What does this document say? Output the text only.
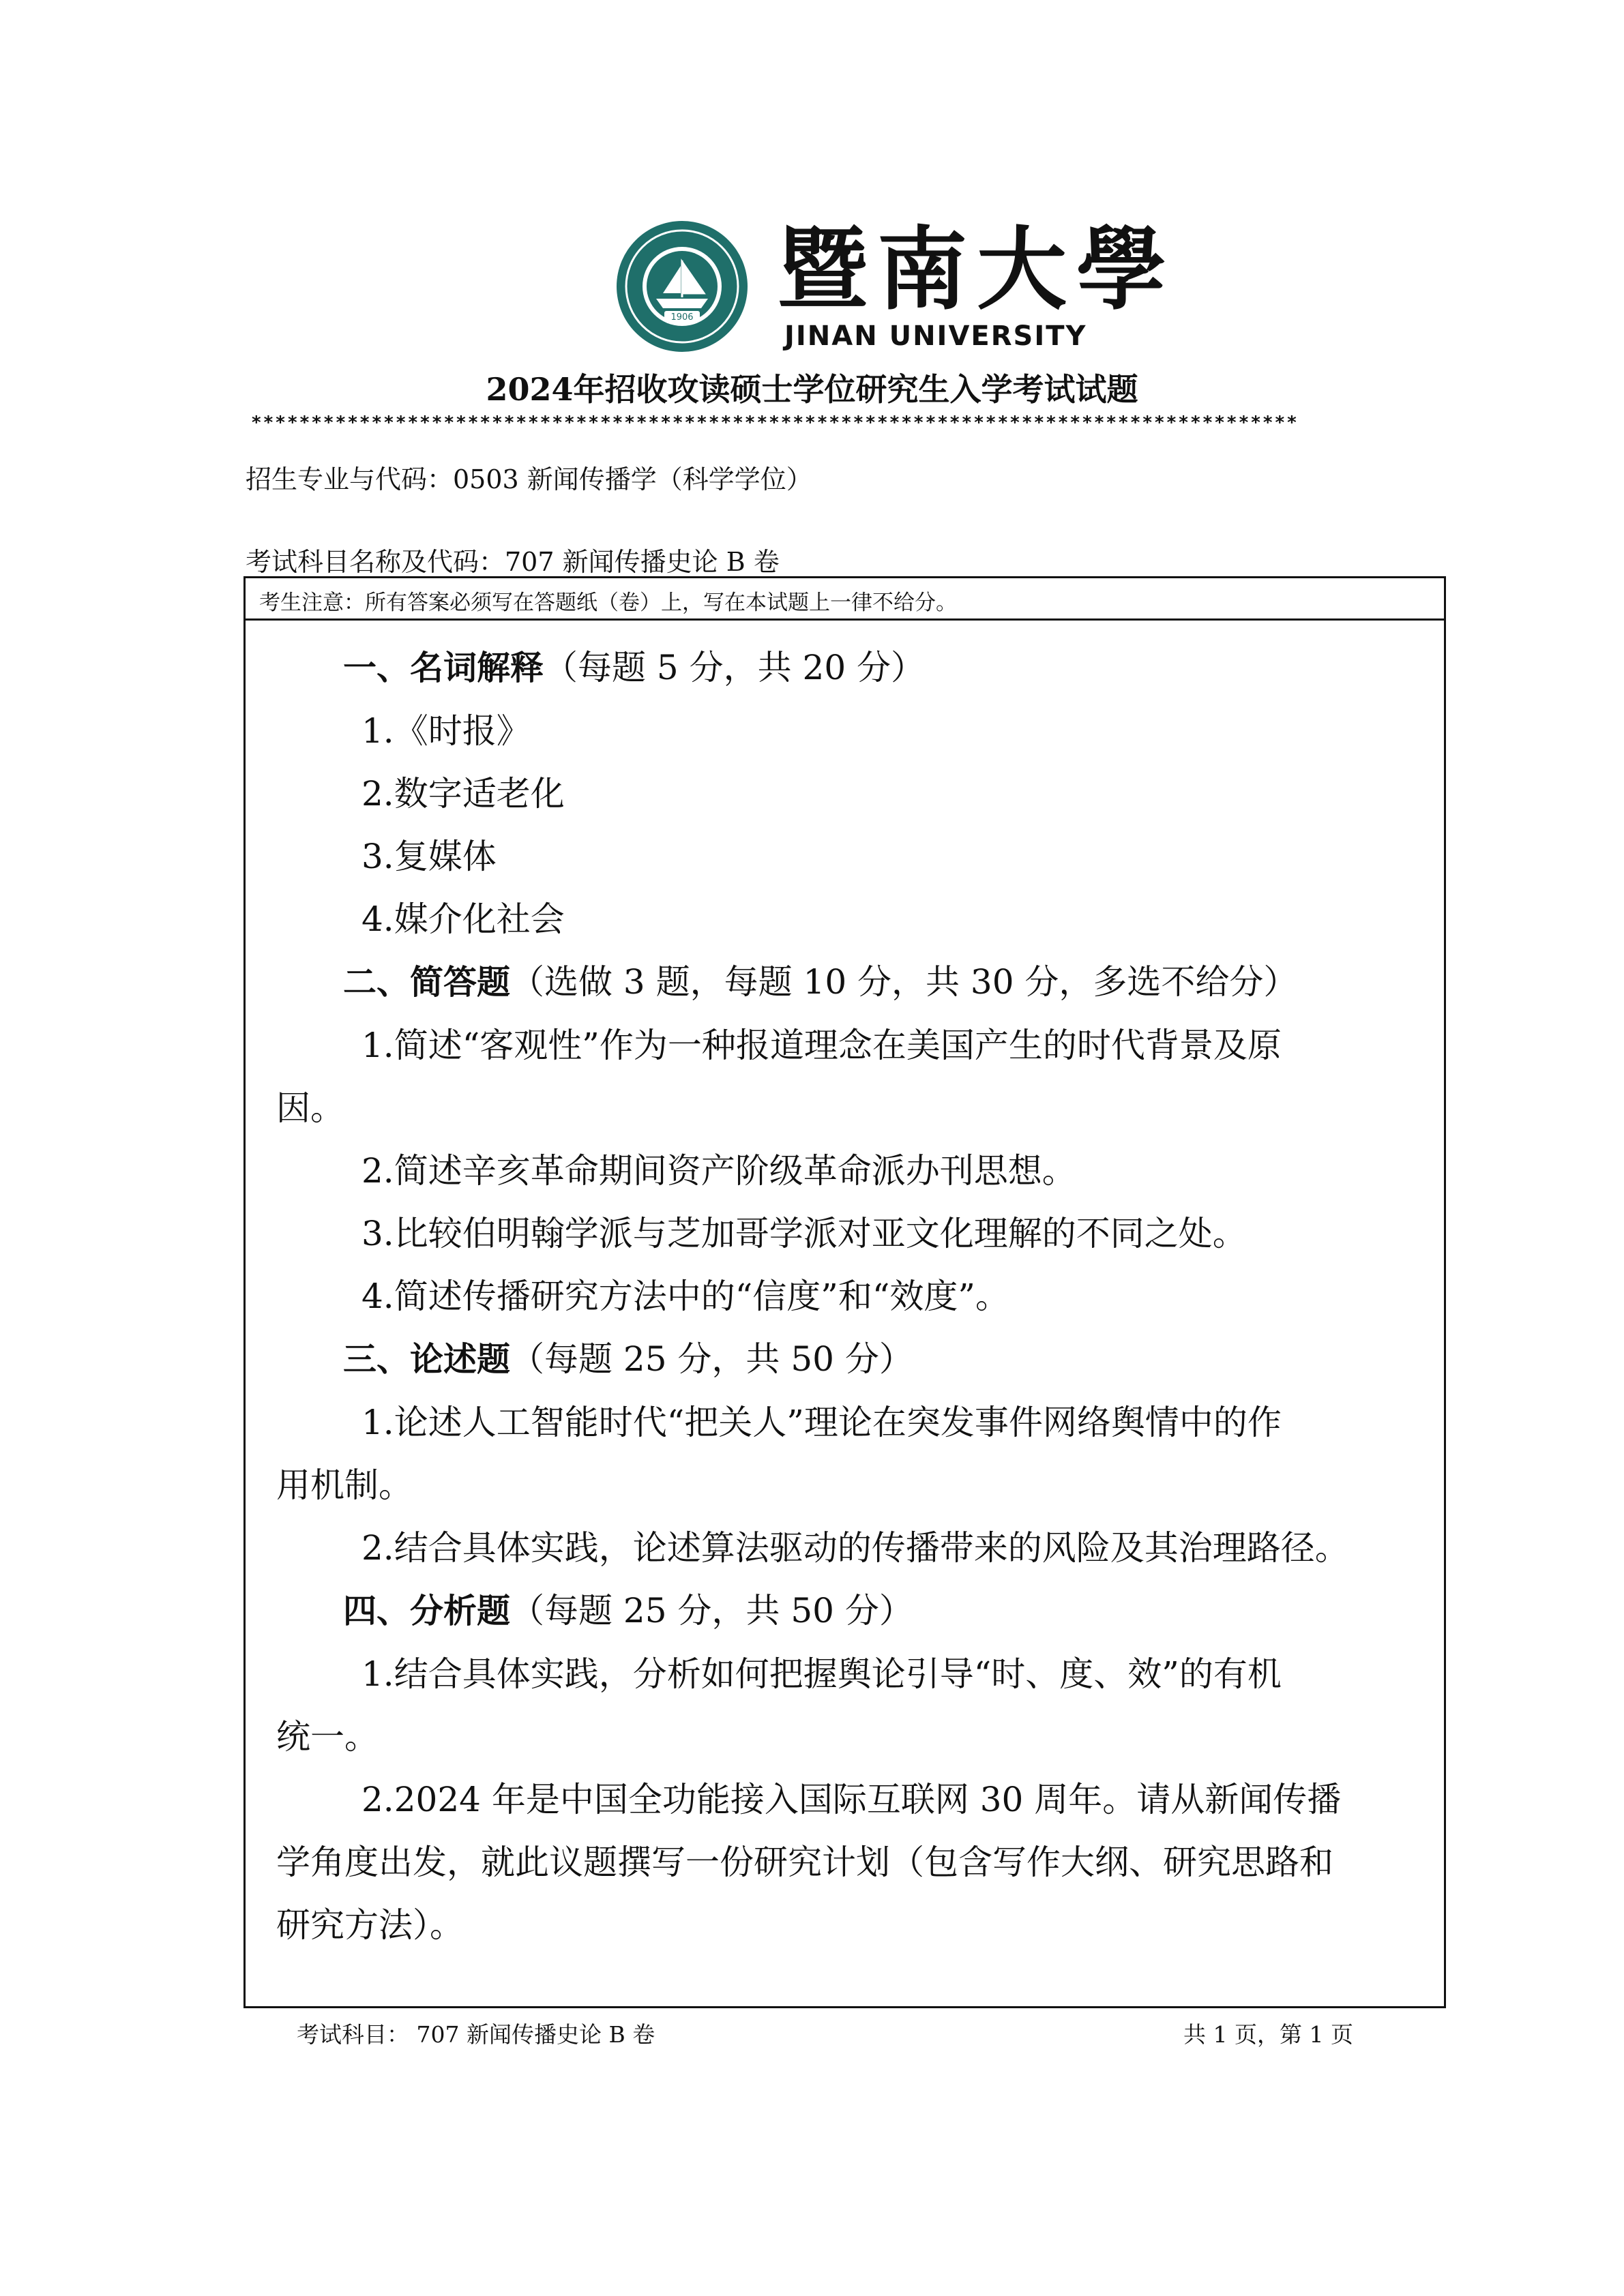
1906 暨南大學
JINAN UNIVERSITY
2024年招收攻读硕士学位研究生入学考试试题
***************************************************************************************
招生专业与代码：0503 新闻传播学（科学学位）
考试科目名称及代码：707 新闻传播史论 B 卷
考生注意：所有答案必须写在答题纸（卷）上，写在本试题上一律不给分。
一、名词解释（每题 5 分，共 20 分）
1.《时报》
2.数字适老化
3.复媒体
4.媒介化社会
二、简答题（选做 3 题，每题 10 分，共 30 分，多选不给分）
1.简述“客观性”作为一种报道理念在美国产生的时代背景及原
因。
2.简述辛亥革命期间资产阶级革命派办刊思想。
3.比较伯明翰学派与芝加哥学派对亚文化理解的不同之处。
4.简述传播研究方法中的“信度”和“效度”。
三、论述题（每题 25 分，共 50 分）
1.论述人工智能时代“把关人”理论在突发事件网络舆情中的作
用机制。
2.结合具体实践，论述算法驱动的传播带来的风险及其治理路径。
四、分析题（每题 25 分，共 50 分）
1.结合具体实践，分析如何把握舆论引导“时、度、效”的有机
统一。
2.2024 年是中国全功能接入国际互联网 30 周年。请从新闻传播
学角度出发，就此议题撰写一份研究计划（包含写作大纲、研究思路和
研究方法）。
考试科目： 707 新闻传播史论 B 卷	共 1 页，第 1 页
